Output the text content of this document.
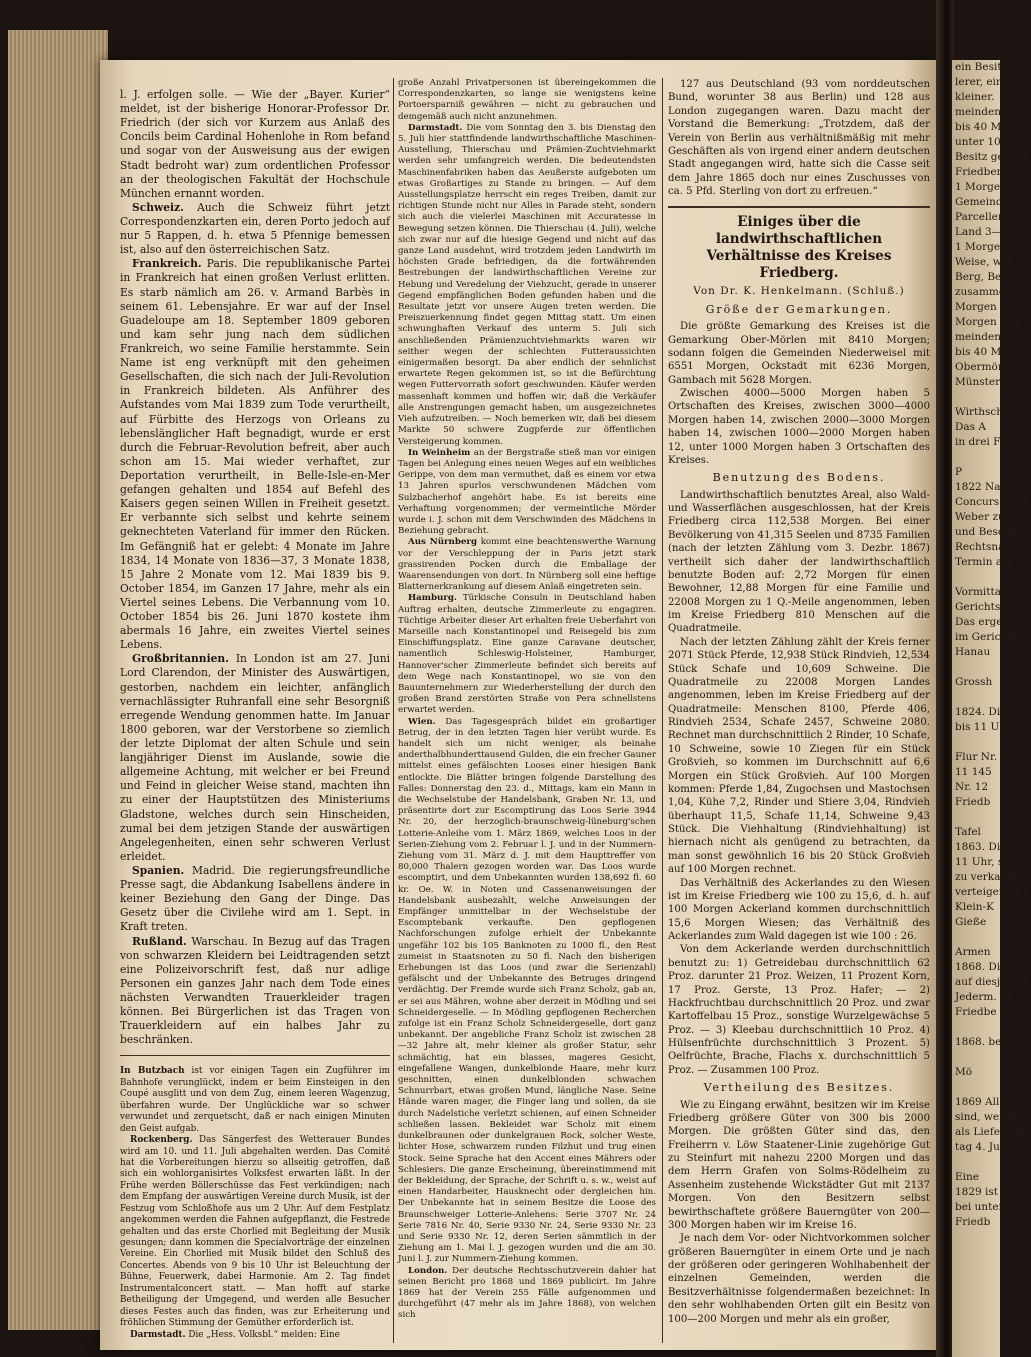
l. J. erfolgen solle. — Wie der „Bayer. Kurier“ meldet, ist der bisherige Honorar-Professor Dr. Friedrich (der sich vor Kurzem aus Anlaß des Concils beim Cardinal Hohenlohe in Rom befand und sogar von der Ausweisung aus der ewigen Stadt bedroht war) zum ordentlichen Professor an der theologischen Fakultät der Hochschule München ernannt worden.

Schweiz. Auch die Schweiz führt jetzt Correspondenzkarten ein, deren Porto jedoch auf nur 5 Rappen, d. h. etwa 5 Pfennige bemessen ist, also auf den österreichischen Satz.

Frankreich. Paris. Die republikanische Partei in Frankreich hat einen großen Verlust erlitten. Es starb nämlich am 26. v. Armand Barbès in seinem 61. Lebensjahre. Er war auf der Insel Guadeloupe am 18. September 1809 geboren und kam sehr jung nach dem südlichen Frankreich, wo seine Familie herstammte. Sein Name ist eng verknüpft mit den geheimen Gesellschaften, die sich nach der Juli-Revolution in Frankreich bildeten. Als Anführer des Aufstandes vom Mai 1839 zum Tode verurtheilt, auf Fürbitte des Herzogs von Orleans zu lebenslänglicher Haft begnadigt, wurde er erst durch die Februar-Revolution befreit, aber auch schon am 15. Mai wieder verhaftet, zur Deportation verurtheilt, in Belle-Isle-en-Mer gefangen gehalten und 1854 auf Befehl des Kaisers gegen seinen Willen in Freiheit gesetzt. Er verbannte sich selbst und kehrte seinem geknechteten Vaterland für immer den Rücken. Im Gefängniß hat er gelebt: 4 Monate im Jahre 1834, 14 Monate von 1836—37, 3 Monate 1838, 15 Jahre 2 Monate vom 12. Mai 1839 bis 9. October 1854, im Ganzen 17 Jahre, mehr als ein Viertel seines Lebens. Die Verbannung vom 10. October 1854 bis 26. Juni 1870 kostete ihm abermals 16 Jahre, ein zweites Viertel seines Lebens.

Großbritannien. In London ist am 27. Juni Lord Clarendon, der Minister des Auswärtigen, gestorben, nachdem ein leichter, anfänglich vernachlässigter Ruhranfall eine sehr Besorgniß erregende Wendung genommen hatte. Im Januar 1800 geboren, war der Verstorbene so ziemlich der letzte Diplomat der alten Schule und sein langjähriger Dienst im Auslande, sowie die allgemeine Achtung, mit welcher er bei Freund und Feind in gleicher Weise stand, machten ihn zu einer der Hauptstützen des Ministeriums Gladstone, welches durch sein Hinscheiden, zumal bei dem jetzigen Stande der auswärtigen Angelegenheiten, einen sehr schweren Verlust erleidet.

Spanien. Madrid. Die regierungsfreundliche Presse sagt, die Abdankung Isabellens ändere in keiner Beziehung den Gang der Dinge. Das Gesetz über die Civilehe wird am 1. Sept. in Kraft treten.

Rußland. Warschau. In Bezug auf das Tragen von schwarzen Kleidern bei Leidtragenden setzt eine Polizeivorschrift fest, daß nur adlige Personen ein ganzes Jahr nach dem Tode eines nächsten Verwandten Trauerkleider tragen können. Bei Bürgerlichen ist das Tragen von Trauerkleidern auf ein halbes Jahr zu beschränken.

In Butzbach ist vor einigen Tagen ein Zugführer im Bahnhofe verunglückt, indem er beim Einsteigen in den Coupé ausglitt und von dem Zug, einem leeren Wagenzug, überfahren wurde. Der Unglückliche war so schwer verwundet und zerquetscht, daß er nach einigen Minuten den Geist aufgab.

Rockenberg. Das Sängerfest des Wetterauer Bundes wird am 10. und 11. Juli abgehalten werden. Das Comité hat die Vorbereitungen hierzu so allseitig getroffen, daß sich ein wohlorganisirtes Volksfest erwarten läßt. In der Frühe werden Böllerschüsse das Fest verkündigen; nach dem Empfang der auswärtigen Vereine durch Musik, ist der Festzug vom Schloßhofe aus um 2 Uhr. Auf dem Festplatz angekommen werden die Fahnen aufgepflanzt, die Festrede gehalten und das erste Chorlied mit Begleitung der Musik gesungen; dann kommen die Specialvorträge der einzelnen Vereine. Ein Chorlied mit Musik bildet den Schluß des Concertes. Abends von 9 bis 10 Uhr ist Beleuchtung der Bühne, Feuerwerk, dabei Harmonie. Am 2. Tag findet Instrumentalconcert statt. — Man hofft auf starke Betheiligung der Umgegend, und werden alle Besucher dieses Festes auch das finden, was zur Erheiterung und fröhlichen Stimmung der Gemüther erforderlich ist.

Darmstadt. Die „Hess. Volksbl.“ melden: Eine

große Anzahl Privatpersonen ist übereingekommen die Correspondenzkarten, so lange sie wenigstens keine Portoersparniß gewähren — nicht zu gebrauchen und demgemäß auch nicht anzunehmen.

Darmstadt. Die vom Sonntag den 3. bis Dienstag den 5. Juli hier stattfindende landwirthschaftliche Maschinen-Ausstellung, Thierschau und Prämien-Zuchtviehmarkt werden sehr umfangreich werden. Die bedeutendsten Maschinenfabriken haben das Aeußerste aufgeboten um etwas Großartiges zu Stande zu bringen. — Auf dem Ausstellungsplatze herrscht ein reges Treiben, damit zur richtigen Stunde nicht nur Alles in Parade steht, sondern sich auch die vielerlei Maschinen mit Accuratesse in Bewegung setzen können. Die Thierschau (4. Juli), welche sich zwar nur auf die hiesige Gegend und nicht auf das ganze Land ausdehnt, wird trotzdem jeden Landwirth im höchsten Grade befriedigen, da die fortwährenden Bestrebungen der landwirthschaftlichen Vereine zur Hebung und Veredelung der Viehzucht, gerade in unserer Gegend empfänglichen Boden gefunden haben und die Resultate jetzt vor unsere Augen treten werden. Die Preiszuerkennung findet gegen Mittag statt. Um einen schwunghaften Verkauf des unterm 5. Juli sich anschließenden Prämienzuchtviehmarkts waren wir seither wegen der schlechten Futteraussichten einigermaßen besorgt. Da aber endlich der sehnlichst erwartete Regen gekommen ist, so ist die Befürchtung wegen Futtervorrath sofort geschwunden. Käufer werden massenhaft kommen und hoffen wir, daß die Verkäufer alle Anstrengungen gemacht haben, um ausgezeichnetes Vieh aufzutreiben. — Noch bemerken wir, daß bei diesem Markte 50 schwere Zugpferde zur öffentlichen Versteigerung kommen.

In Weinheim an der Bergstraße stieß man vor einigen Tagen bei Anlegung eines neuen Weges auf ein weibliches Gerippe, von dem man vermuthet, daß es einem vor etwa 13 Jahren spurlos verschwundenen Mädchen vom Sulzbacherhof angehört habe. Es ist bereits eine Verhaftung vorgenommen; der vermeintliche Mörder wurde i. J. schon mit dem Verschwinden des Mädchens in Beziehung gebracht.

Aus Nürnberg kommt eine beachtenswerthe Warnung vor der Verschleppung der in Paris jetzt stark grassirenden Pocken durch die Emballage der Waarensendungen von dort. In Nürnberg soll eine heftige Blatternerkrankung auf diesem Anlaß eingetreten sein.

Hamburg. Türkische Consuln in Deutschland haben Auftrag erhalten, deutsche Zimmerleute zu engagiren. Tüchtige Arbeiter dieser Art erhalten freie Ueberfahrt von Marseille nach Konstantinopel und Reisegeld bis zum Einschiffungsplatz. Eine ganze Caravane deutscher, namentlich Schleswig-Holsteiner, Hamburger, Hannover'scher Zimmerleute befindet sich bereits auf dem Wege nach Konstantinopel, wo sie von den Bauunternehmern zur Wiederherstellung der durch den großen Brand zerstörten Straße von Pera schnellstens erwartet werden.

Wien. Das Tagesgespräch bildet ein großartiger Betrug, der in den letzten Tagen hier verübt wurde. Es handelt sich um nicht weniger, als beinahe anderthalbhunderttausend Gulden, die ein frecher Gauner mittelst eines gefälschten Looses einer hiesigen Bank entlockte. Die Blätter bringen folgende Darstellung des Falles: Donnerstag den 23. d., Mittags, kam ein Mann in die Wechselstube der Handelsbank, Graben Nr. 13, und präsentirte dort zur Escomptirung das Loos Serie 3944 Nr. 20, der herzoglich-braunschweig-lüneburg'schen Lotterie-Anleihe vom 1. März 1869, welches Loos in der Serien-Ziehung vom 2. Februar l. J. und in der Nummern-Ziehung vom 31. März d. J. mit dem Haupttreffer von 80,000 Thalern gezogen worden war. Das Loos wurde escomptirt, und dem Unbekannten wurden 138,692 fl. 60 kr. Oe. W. in Noten und Cassenanweisungen der Handelsbank ausbezahlt, welche Anweisungen der Empfänger unmittelbar in der Wechselstube der Escomptebank verkaufte. Den gepflogenen Nachforschungen zufolge erhielt der Unbekannte ungefähr 102 bis 105 Banknoten zu 1000 fl., den Rest zumeist in Staatsnoten zu 50 fl. Nach den bisherigen Erhebungen ist das Loos (und zwar die Serienzahl) gefälscht und der Unbekannte des Betruges dringend verdächtig. Der Fremde wurde sich Franz Scholz, gab an, er sei aus Mähren, wohne aber derzeit in Mödling und sei Schneidergeselle. — In Mödling gepflogenen Recherchen zufolge ist ein Franz Scholz Schneidergeselle, dort ganz unbekannt. Der angebliche Franz Scholz ist zwischen 28—32 Jahre alt, mehr kleiner als großer Statur, sehr schmächtig, hat ein blasses, mageres Gesicht, eingefallene Wangen, dunkelblonde Haare, mehr kurz geschnitten, einen dunkelblonden schwachen Schnurrbart, etwas großen Mund, längliche Nase. Seine Hände waren mager, die Finger lang und sollen, da sie durch Nadelstiche verletzt schienen, auf einen Schneider schließen lassen. Bekleidet war Scholz mit einem dunkelbraunen oder dunkelgrauen Rock, solcher Weste, lichter Hose, schwarzem runden Filzhut und trug einen Stock. Seine Sprache hat den Accent eines Mährers oder Schlesiers. Die ganze Erscheinung, übereinstimmend mit der Bekleidung, der Sprache, der Schrift u. s. w., weist auf einen Handarbeiter, Hausknecht oder dergleichen hin. Der Unbekannte hat in seinem Besitze die Loose des Braunschweiger Lotterie-Anlehens: Serie 3707 Nr. 24 Serie 7816 Nr. 40, Serie 9330 Nr. 24, Serie 9330 Nr. 23 und Serie 9330 Nr. 12, deren Serien sämmtlich in der Ziehung am 1. Mai l. J. gezogen wurden und die am 30. Juni l. J. zur Nummern-Ziehung kommen.

London. Der deutsche Rechtsschutzverein dahier hat seinen Bericht pro 1868 und 1869 publicirt. Im Jahre 1869 hat der Verein 255 Fälle aufgenommen und durchgeführt (47 mehr als im Jahre 1868), von welchen sich

127 aus Deutschland (93 vom norddeutschen Bund, worunter 38 aus Berlin) und 128 aus London zugegangen waren. Dazu macht der Vorstand die Bemerkung: „Trotzdem, daß der Verein von Berlin aus verhältnißmäßig mit mehr Geschäften als von irgend einer andern deutschen Stadt angegangen wird, hatte sich die Casse seit dem Jahre 1865 doch nur eines Zuschusses von ca. 5 Pfd. Sterling von dort zu erfreuen.“

Einiges über die landwirthschaftlichen Verhältnisse des Kreises Friedberg.
Von Dr. K. Henkelmann. (Schluß.)
Größe der Gemarkungen.

Die größte Gemarkung des Kreises ist die Gemarkung Ober-Mörlen mit 8410 Morgen; sodann folgen die Gemeinden Niederweisel mit 6551 Morgen, Ockstadt mit 6236 Morgen, Gambach mit 5628 Morgen.

Zwischen 4000—5000 Morgen haben 5 Ortschaften des Kreises, zwischen 3000—4000 Morgen haben 14, zwischen 2000—3000 Morgen haben 14, zwischen 1000—2000 Morgen haben 12, unter 1000 Morgen haben 3 Ortschaften des Kreises.

Benutzung des Bodens.

Landwirthschaftlich benutztes Areal, also Wald- und Wasserflächen ausgeschlossen, hat der Kreis Friedberg circa 112,538 Morgen. Bei einer Bevölkerung von 41,315 Seelen und 8735 Familien (nach der letzten Zählung vom 3. Dezbr. 1867) vertheilt sich daher der landwirthschaftlich benutzte Boden auf: 2,72 Morgen für einen Bewohner, 12,88 Morgen für eine Familie und 22008 Morgen zu 1 Q.-Meile angenommen, leben im Kreise Friedberg 810 Menschen auf die Quadratmeile.

Nach der letzten Zählung zählt der Kreis ferner 2071 Stück Pferde, 12,938 Stück Rindvieh, 12,534 Stück Schafe und 10,609 Schweine. Die Quadratmeile zu 22008 Morgen Landes angenommen, leben im Kreise Friedberg auf der Quadratmeile: Menschen 8100, Pferde 406, Rindvieh 2534, Schafe 2457, Schweine 2080. Rechnet man durchschnittlich 2 Rinder, 10 Schafe, 10 Schweine, sowie 10 Ziegen für ein Stück Großvieh, so kommen im Durchschnitt auf 6,6 Morgen ein Stück Großvieh. Auf 100 Morgen kommen: Pferde 1,84, Zugochsen und Mastochsen 1,04, Kühe 7,2, Rinder und Stiere 3,04, Rindvieh überhaupt 11,5, Schafe 11,14, Schweine 9,43 Stück. Die Viehhaltung (Rindviehhaltung) ist hiernach nicht als genügend zu betrachten, da man sonst gewöhnlich 16 bis 20 Stück Großvieh auf 100 Morgen rechnet.

Das Verhältniß des Ackerlandes zu den Wiesen ist im Kreise Friedberg wie 100 zu 15,6, d. h. auf 100 Morgen Ackerland kommen durchschnittlich 15,6 Morgen Wiesen; das Verhältniß des Ackerlandes zum Wald dagegen ist wie 100 : 26.

Von dem Ackerlande werden durchschnittlich benutzt zu: 1) Getreidebau durchschnittlich 62 Proz. darunter 21 Proz. Weizen, 11 Prozent Korn, 17 Proz. Gerste, 13 Proz. Hafer; — 2) Hackfruchtbau durchschnittlich 20 Proz. und zwar Kartoffelbau 15 Proz., sonstige Wurzelgewächse 5 Proz. — 3) Kleebau durchschnittlich 10 Proz. 4) Hülsenfrüchte durchschnittlich 3 Prozent. 5) Oelfrüchte, Brache, Flachs x. durchschnittlich 5 Proz. — Zusammen 100 Proz.

Vertheilung des Besitzes.

Wie zu Eingang erwähnt, besitzen wir im Kreise Friedberg größere Güter von 300 bis 2000 Morgen. Die größten Güter sind das, den Freiherrn v. Löw Staatener-Linie zugehörige Gut zu Steinfurt mit nahezu 2200 Morgen und das dem Herrn Grafen von Solms-Rödelheim zu Assenheim zustehende Wickstädter Gut mit 2137 Morgen. Von den Besitzern selbst bewirthschaftete größere Bauerngüter von 200—300 Morgen haben wir im Kreise 16.

Je nach dem Vor- oder Nichtvorkommen solcher größeren Bauerngüter in einem Orte und je nach der größeren oder geringeren Wohlhabenheit der einzelnen Gemeinden, werden die Besitzverhältnisse folgendermaßen bezeichnet: In den sehr wohlhabenden Orten gilt ein Besitz von 100—200 Morgen und mehr als ein großer,

ein Besitz
lerer, ein
kleiner.
meinden re
bis 40 Morg
unter 10 M
Besitz gerech
Friedberg
1 Morgen
Gemeinden
Parcellen;
Land 3—3
1 Morgen
Weise, wie
Berg, Bern
zusammen.)
Morgen
Morgen Ack
meinden, we
bis 40 Morg
Obermörlen
Münster und
Wirthscha
Das A
in drei Flur
P
1822 Nach
Concurs über
Weber zu
und Beschädi
Rechtsnachfol
Termin auf
Vormittags 9
Gerichts = Z
Das ergeben
im Gerichtsl
Hanau
Grossh
1824. Dienst
bis 11 Uhr
Flur Nr. 27
11 145
Nr. 12
Friedb
Tafel
1863. Diensta
11 Uhr, sollen
zu verkaufen
verteigert, we
Klein-K
Gieße
Armen
1868. Die
auf diesjährig
Jederm. zu
Friedbe
1868. bei
Mö
1869 Alle
sind, werden
als Lieferung
tag 4. Ju
Eine
1829 ist
bei unter
Friedb
